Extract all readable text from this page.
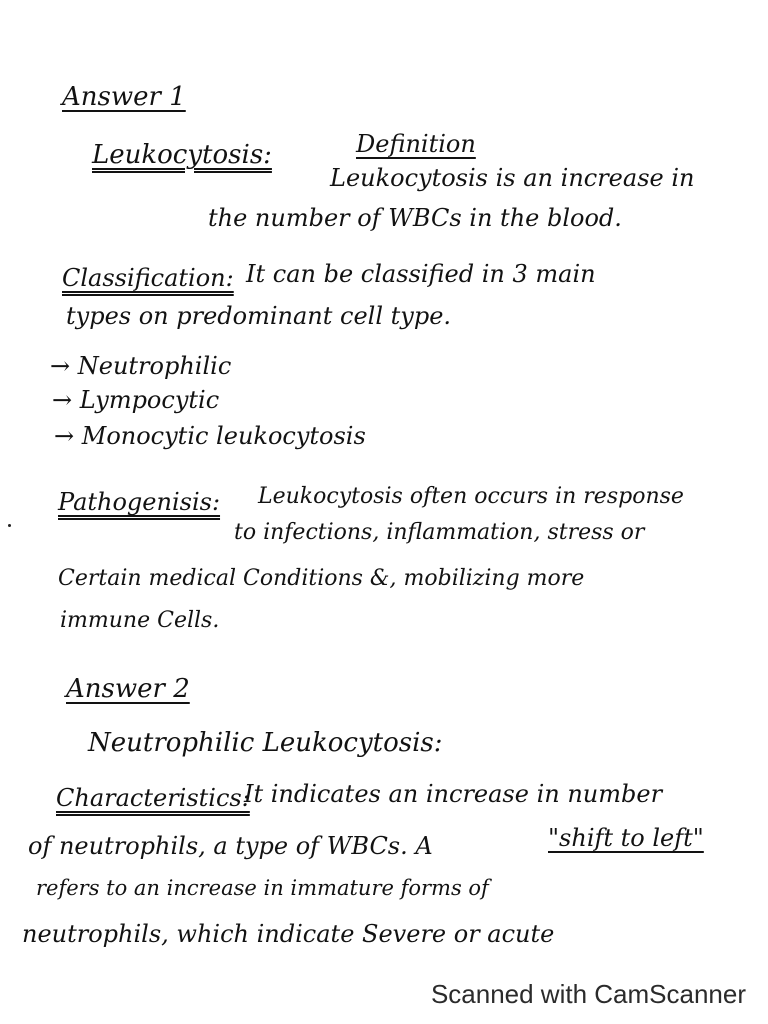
Answer 1
Leukocytosis:	Definition
Leukocytosis is an increase in
the number of WBCs in the blood.
Classification: It can be classified in 3 main
types on predominant cell type.
→ Neutrophilic
→ Lympocytic
→ Monocytic leukocytosis
Pathogenisis: Leukocytosis often occurs in response
to infections, inflammation, stress or
Certain medical Conditions &, mobilizing more
immune Cells.
Answer 2
Neutrophilic Leukocytosis:
Characteristics:
It indicates an increase in number
of neutrophils, a type of WBCs. A	"shift to left"
refers to an increase in immature forms of
neutrophils, which indicate Severe or acute
Scanned with CamScanner
